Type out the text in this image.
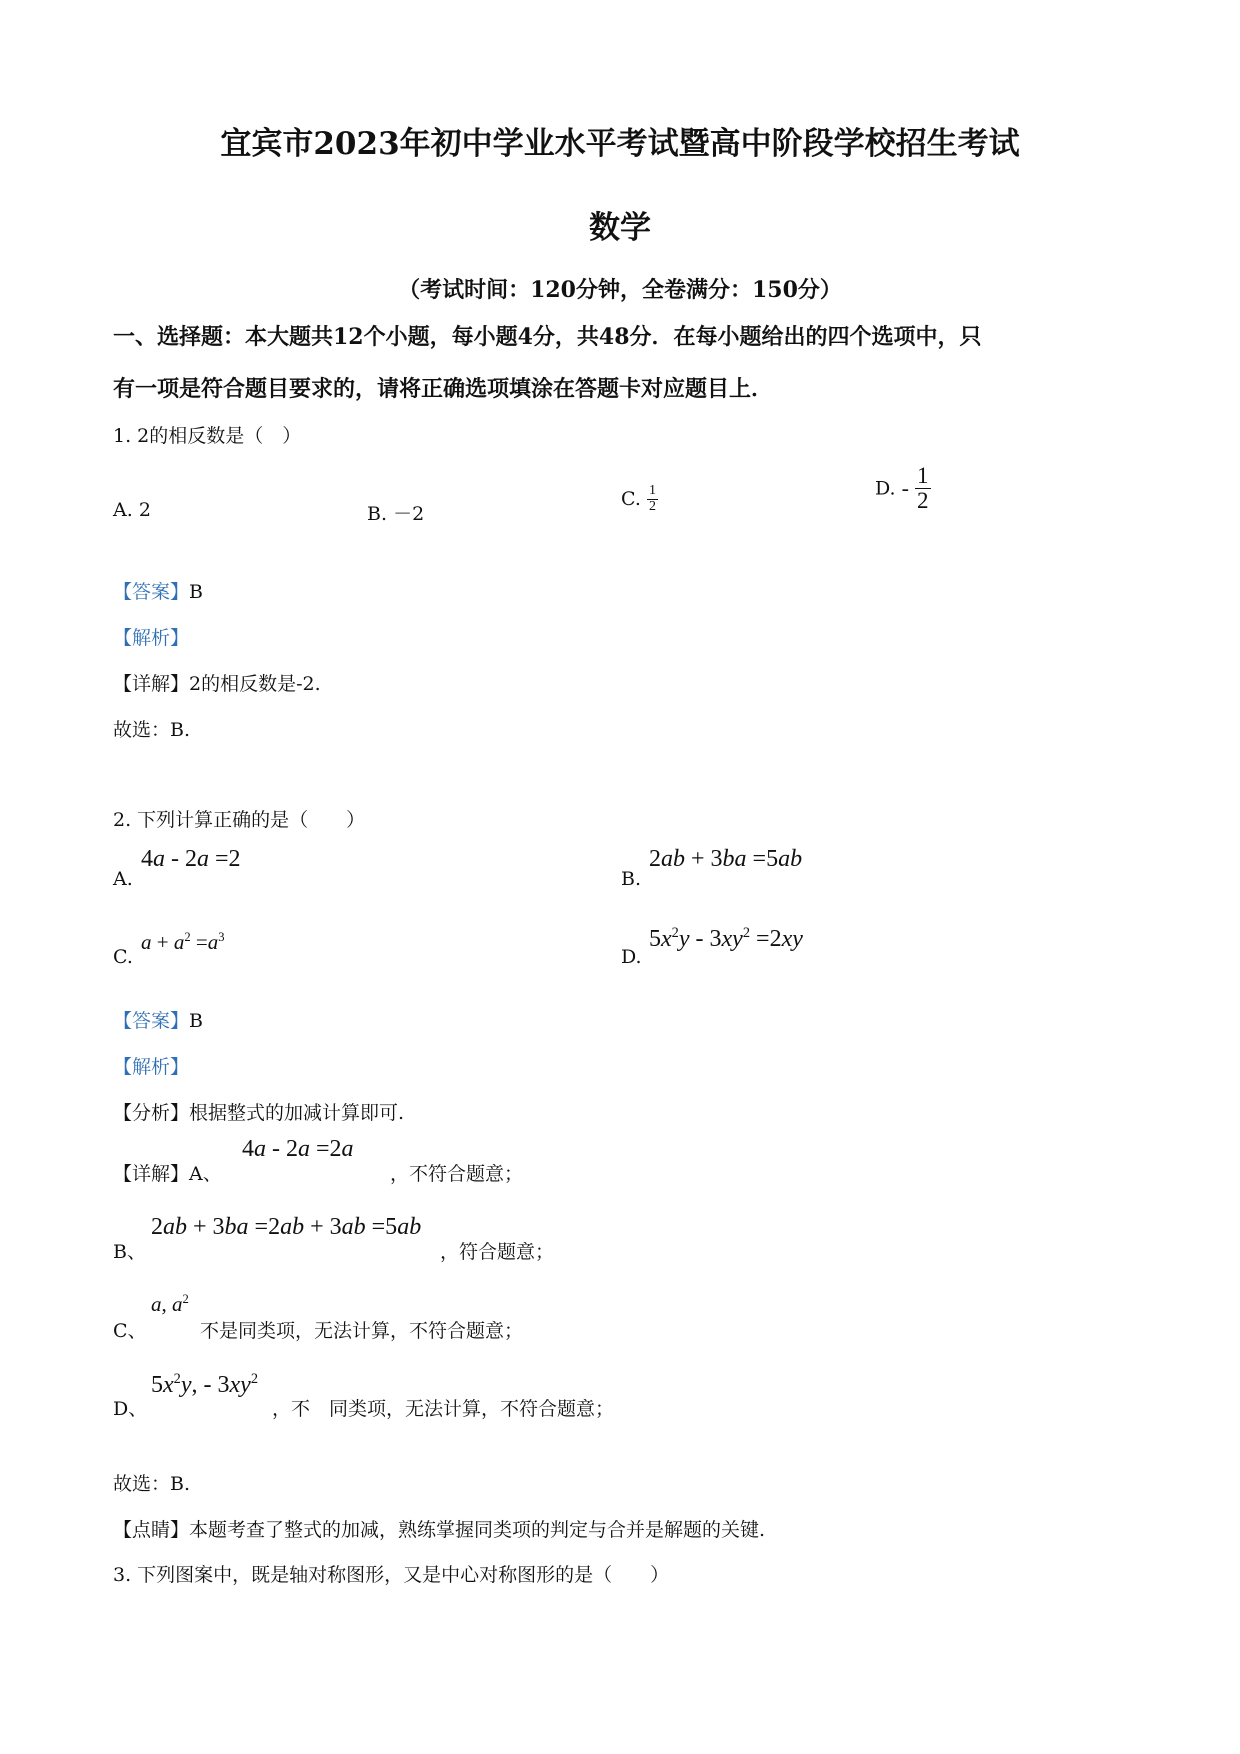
宜宾市2023年初中学业水平考试暨高中阶段学校招生考试
数学
（考试时间：120分钟，全卷满分：150分）
一、选择题：本大题共12个小题，每小题4分，共48分．在每小题给出的四个选项中，只
有一项是符合题目要求的，请将正确选项填涂在答题卡对应题目上．
1. 2的相反数是（　）
A. 2	B. －2
C. $\frac{1}{2}$	D. - $\frac{1}{2}$
【答案】B
【解析】
【详解】2的相反数是-2.
故选：B.
2. 下列计算正确的是（　　）
A.
4a - 2a =2
B.
2ab + 3ba =5ab
C.
$a + a^2 =a^3$
D.
$5x^2y - 3xy^2 =2xy$
【答案】B
【解析】
【分析】根据整式的加减计算即可.
【详解】A、
4a - 2a =2a
，不符合题意；
B、
2ab + 3ba =2ab + 3ab =5ab
，符合题意；
C、
a, $a^2$
不是同类项，无法计算，不符合题意；
D、
$5x^2y$, - $3xy^2$
，不　同类项，无法计算，不符合题意；
故选：B.
【点睛】本题考查了整式的加减，熟练掌握同类项的判定与合并是解题的关键.
3. 下列图案中，既是轴对称图形，又是中心对称图形的是（　　）
